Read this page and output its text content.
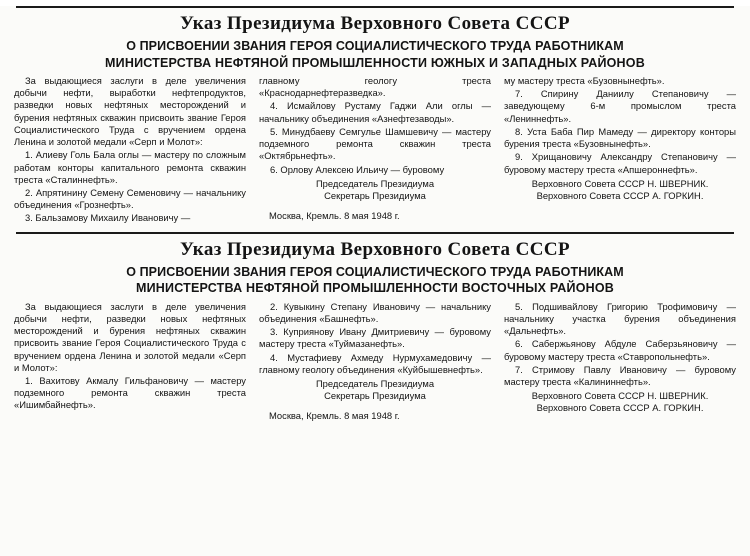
Указ Президиума Верховного Совета СССР
О ПРИСВОЕНИИ ЗВАНИЯ ГЕРОЯ СОЦИАЛИСТИЧЕСКОГО ТРУДА РАБОТНИКАМ
МИНИСТЕРСТВА НЕФТЯНОЙ ПРОМЫШЛЕННОСТИ ЮЖНЫХ И ЗАПАДНЫХ РАЙОНОВ

За выдающиеся заслуги в деле увеличения добычи нефти, выработки нефтепродуктов, разведки новых нефтяных месторождений и бурения нефтяных скважин присвоить звание Героя Социалистического Труда с вручением ордена Ленина и золотой медали «Серп и Молот»:

1. Алиеву Голь Бала оглы — мастеру по сложным работам конторы капитального ремонта скважин треста «Сталиннефть».

2. Апрятинину Семену Семеновичу — начальнику объединения «Грознефть».

3. Бальзамову Михаилу Ивановичу —

главному геологу треста «Краснодарнефтеразведка».

4. Исмайлову Рустаму Гаджи Али оглы — начальнику объединения «Азнефтезаводы».

5. Минудбаеву Семгулье Шамшевичу — мастеру подземного ремонта скважин треста «Октябрьнефть».

6. Орлову Алексею Ильичу — буровому

Председатель Президиума
Секретарь Президиума
Москва, Кремль. 8 мая 1948 г.

му мастеру треста «Бузовнынефть».

7. Спирину Даниилу Степановичу — заведующему 6-м промыслом треста «Лениннефть».

8. Уста Баба Пир Мамеду — директору конторы бурения треста «Бузовнынефть».

9. Хрищановичу Александру Степановичу — буровому мастеру треста «Апшероннефть».

Верховного Совета СССР Н. ШВЕРНИК.
Верховного Совета СССР А. ГОРКИН.
Указ Президиума Верховного Совета СССР
О ПРИСВОЕНИИ ЗВАНИЯ ГЕРОЯ СОЦИАЛИСТИЧЕСКОГО ТРУДА РАБОТНИКАМ
МИНИСТЕРСТВА НЕФТЯНОЙ ПРОМЫШЛЕННОСТИ ВОСТОЧНЫХ РАЙОНОВ

За выдающиеся заслуги в деле увеличения добычи нефти, разведки новых нефтяных месторождений и бурения нефтяных скважин присвоить звание Героя Социалистического Труда с вручением ордена Ленина и золотой медали «Серп и Молот»:

1. Вахитову Акмалу Гильфановичу — мастеру подземного ремонта скважин треста «Ишимбайнефть».

2. Кувыкину Степану Ивановичу — начальнику объединения «Башнефть».

3. Куприянову Ивану Дмитриевичу — буровому мастеру треста «Туймазанефть».

4. Мустафиеву Ахмеду Нурмухамедовичу — главному геологу объединения «Куйбышевнефть».

Председатель Президиума
Секретарь Президиума
Москва, Кремль. 8 мая 1948 г.

5. Подшивайлову Григорию Трофимовичу — начальнику участка бурения объединения «Дальнефть».

6. Сабержьянову Абдуле Саберзьяновичу — буровому мастеру треста «Ставропольнефть».

7. Стримову Павлу Ивановичу — буровому мастеру треста «Калининнефть».

Верховного Совета СССР Н. ШВЕРНИК.
Верховного Совета СССР А. ГОРКИН.
